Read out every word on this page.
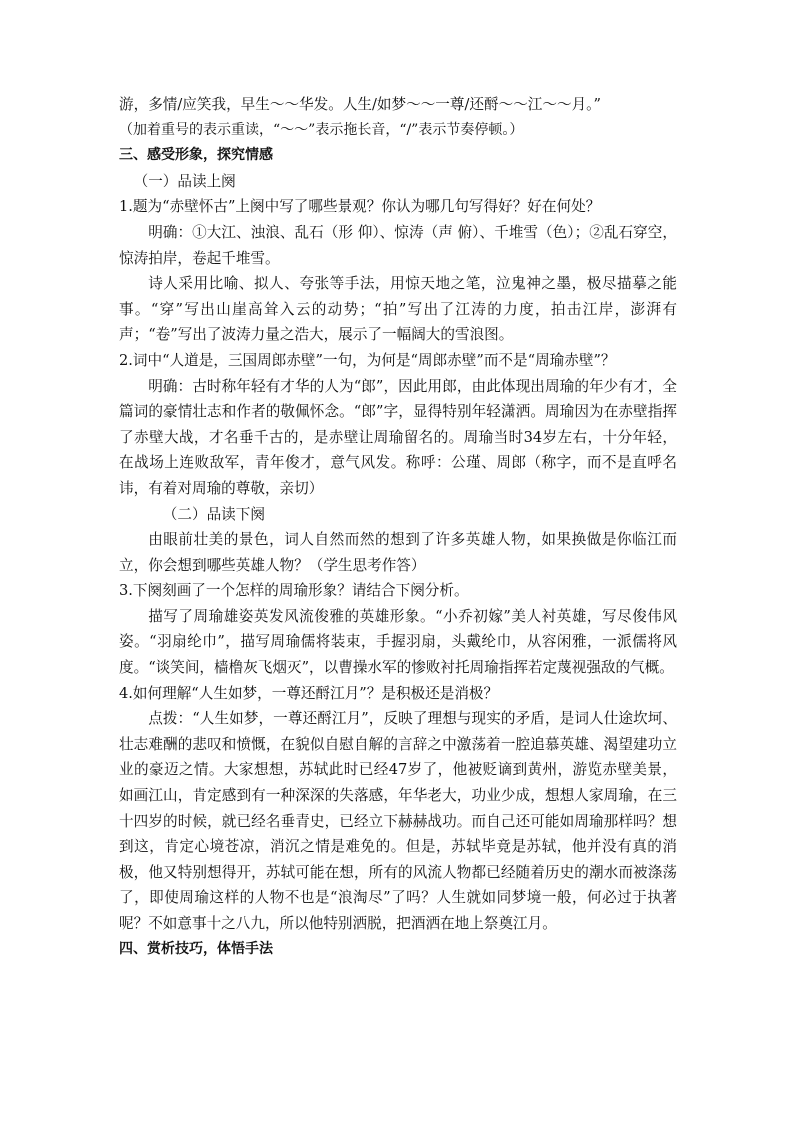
游，多情/应笑我，早生～～华发。人生/如梦～～一尊/还酹～～江～～月。”

（加着重号的表示重读，“～～”表示拖长音，“/”表示节奏停顿。）

三、感受形象，探究情感

（一）品读上阕

1.题为“赤壁怀古”上阕中写了哪些景观？你认为哪几句写得好？好在何处？

明确：①大江、浊浪、乱石（形 仰）、惊涛（声 俯）、千堆雪（色）；②乱石穿空，惊涛拍岸，卷起千堆雪。

诗人采用比喻、拟人、夸张等手法，用惊天地之笔，泣鬼神之墨，极尽描摹之能事。“穿”写出山崖高耸入云的动势；“拍”写出了江涛的力度，拍击江岸，澎湃有声；“卷”写出了波涛力量之浩大，展示了一幅阔大的雪浪图。

2.词中“人道是，三国周郎赤壁”一句，为何是“周郎赤壁”而不是“周瑜赤壁”？

明确：古时称年轻有才华的人为“郎”，因此用郎，由此体现出周瑜的年少有才，全篇词的豪情壮志和作者的敬佩怀念。“郎”字，显得特别年轻潇洒。周瑜因为在赤壁指挥了赤壁大战，才名垂千古的，是赤壁让周瑜留名的。周瑜当时34岁左右，十分年轻，在战场上连败敌军，青年俊才，意气风发。称呼：公瑾、周郎（称字，而不是直呼名讳，有着对周瑜的尊敬，亲切）

（二）品读下阕

由眼前壮美的景色，词人自然而然的想到了许多英雄人物，如果换做是你临江而立，你会想到哪些英雄人物？（学生思考作答）

3.下阕刻画了一个怎样的周瑜形象？请结合下阕分析。

描写了周瑜雄姿英发风流俊雅的英雄形象。“小乔初嫁”美人衬英雄，写尽俊伟风姿。“羽扇纶巾”，描写周瑜儒将装束，手握羽扇，头戴纶巾，从容闲雅，一派儒将风度。“谈笑间，樯橹灰飞烟灭”，以曹操水军的惨败衬托周瑜指挥若定蔑视强敌的气概。

4.如何理解“人生如梦，一尊还酹江月”？是积极还是消极？

点拨：“人生如梦，一尊还酹江月”，反映了理想与现实的矛盾，是词人仕途坎坷、壮志难酬的悲叹和愤慨，在貌似自慰自解的言辞之中激荡着一腔追慕英雄、渴望建功立业的豪迈之情。大家想想，苏轼此时已经47岁了，他被贬谪到黄州，游览赤壁美景，如画江山，肯定感到有一种深深的失落感，年华老大，功业少成，想想人家周瑜，在三十四岁的时候，就已经名垂青史，已经立下赫赫战功。而自己还可能如周瑜那样吗？想到这，肯定心境苍凉，消沉之情是难免的。但是，苏轼毕竟是苏轼，他并没有真的消极，他又特别想得开，苏轼可能在想，所有的风流人物都已经随着历史的潮水而被涤荡了，即使周瑜这样的人物不也是“浪淘尽”了吗？人生就如同梦境一般，何必过于执著呢？不如意事十之八九，所以他特别洒脱，把酒洒在地上祭奠江月。

四、赏析技巧，体悟手法
